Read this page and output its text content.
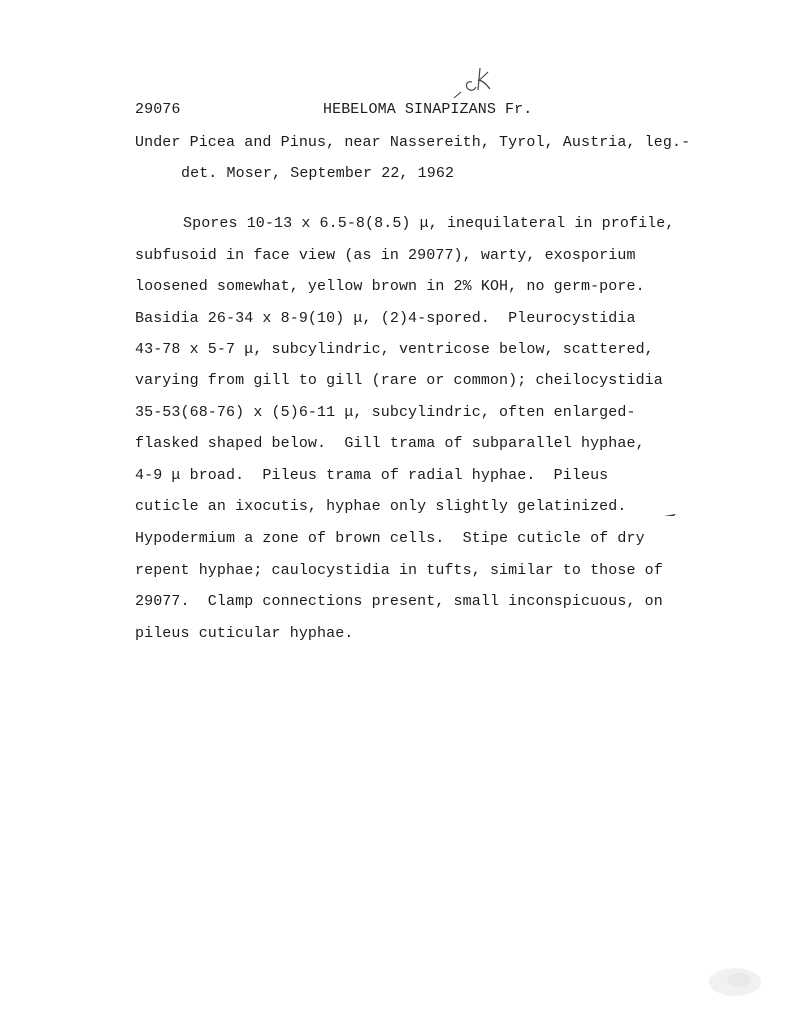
29076	HEBELOMA SINAPIZANS Fr.
Under Picea and Pinus, near Nassereith, Tyrol, Austria, leg.-
det. Moser, September 22, 1962
Spores 10-13 x 6.5-8(8.5) μ, inequilateral in profile,
subfusoid in face view (as in 29077), warty, exosporium
loosened somewhat, yellow brown in 2% KOH, no germ-pore.
Basidia 26-34 x 8-9(10) μ, (2)4-spored.  Pleurocystidia
43-78 x 5-7 μ, subcylindric, ventricose below, scattered,
varying from gill to gill (rare or common); cheilocystidia
35-53(68-76) x (5)6-11 μ, subcylindric, often enlarged-
flasked shaped below.  Gill trama of subparallel hyphae,
4-9 μ broad.  Pileus trama of radial hyphae.  Pileus
cuticle an ixocutis, hyphae only slightly gelatinized.
Hypodermium a zone of brown cells.  Stipe cuticle of dry
repent hyphae; caulocystidia in tufts, similar to those of
29077.  Clamp connections present, small inconspicuous, on
pileus cuticular hyphae.
